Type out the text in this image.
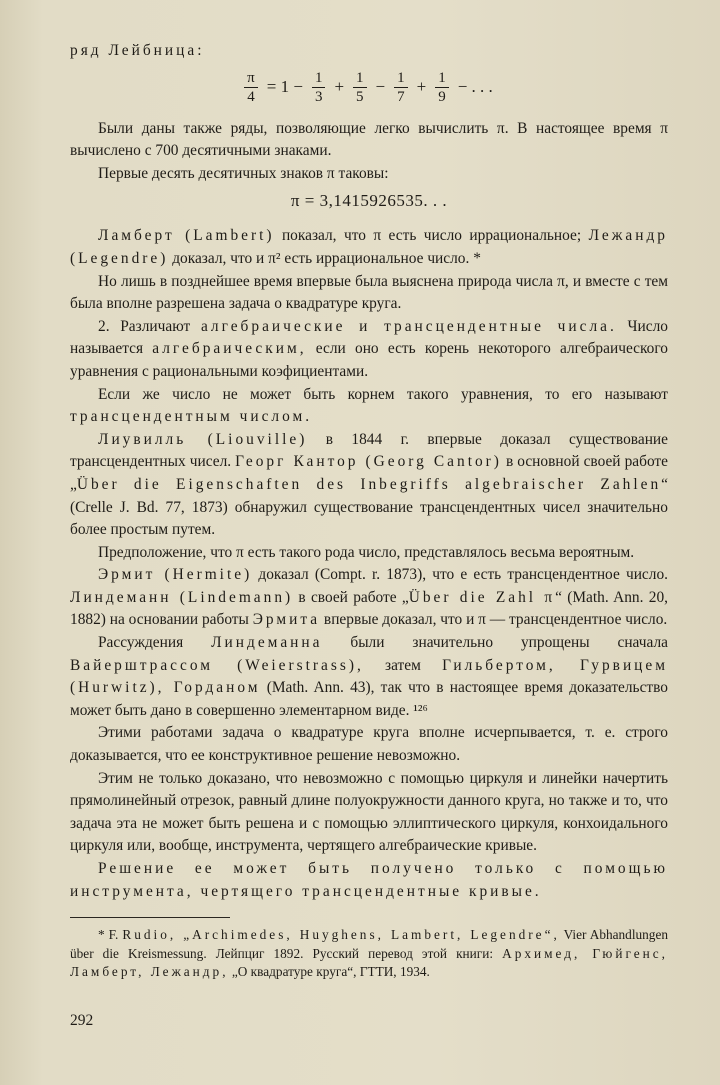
ряд Лейбница:

$\frac{\pi}{4} = 1 - \frac{1}{3} + \frac{1}{5} - \frac{1}{7} + \frac{1}{9}$ − . . .

Были даны также ряды, позволяющие легко вычислить π. В настоящее время π вычислено с 700 десятичными знаками.

Первые десять десятичных знаков π таковы:

π = 3,1415926535. . .

Ламберт (Lambert) показал, что π есть число иррациональное; Лежандр (Legendre) доказал, что и π² есть иррациональное число. *

Но лишь в позднейшее время впервые была выяснена природа числа π, и вместе с тем была вполне разрешена задача о квадратуре круга.

2. Различают алгебраические и трансцендентные числа. Число называется алгебраическим, если оно есть корень некоторого алгебраического уравнения с рациональными коэфициентами.

Если же число не может быть корнем такого уравнения, то его называют трансцендентным числом.

Лиувилль (Liouville) в 1844 г. впервые доказал существование трансцендентных чисел. Георг Кантор (Georg Cantor) в основной своей работе „Über die Eigenschaften des Inbegriffs algebraischer Zahlen“ (Crelle J. Bd. 77, 1873) обнаружил существование трансцендентных чисел значительно более простым путем.

Предположение, что π есть такого рода число, представлялось весьма вероятным.

Эрмит (Hermite) доказал (Compt. r. 1873), что e есть трансцендентное число. Линдеманн (Lindemann) в своей работе „Über die Zahl π“ (Math. Ann. 20, 1882) на основании работы Эрмита впервые доказал, что и π — трансцендентное число.

Рассуждения Линдеманна были значительно упрощены сначала Вайерштрассом (Weierstrass), затем Гильбертом, Гурвицем (Hurwitz), Горданом (Math. Ann. 43), так что в настоящее время доказательство может быть дано в совершенно элементарном виде. ¹²⁶

Этими работами задача о квадратуре круга вполне исчерпывается, т. е. строго доказывается, что ее конструктивное решение невозможно.

Этим не только доказано, что невозможно с помощью циркуля и линейки начертить прямолинейный отрезок, равный длине полуокружности данного круга, но также и то, что задача эта не может быть решена и с помощью эллиптического циркуля, конхоидального циркуля или, вообще, инструмента, чертящего алгебраические кривые.

Решение ее может быть получено только с помощью инструмента, чертящего трансцендентные кривые.

* F. Rudio, „Archimedes, Huyghens, Lambert, Legendre“, Vier Abhandlungen über die Kreismessung. Лейпциг 1892. Русский перевод этой книги: Архимед, Гюйгенс, Ламберт, Лежандр, „О квадратуре круга“, ГТТИ, 1934.

292
